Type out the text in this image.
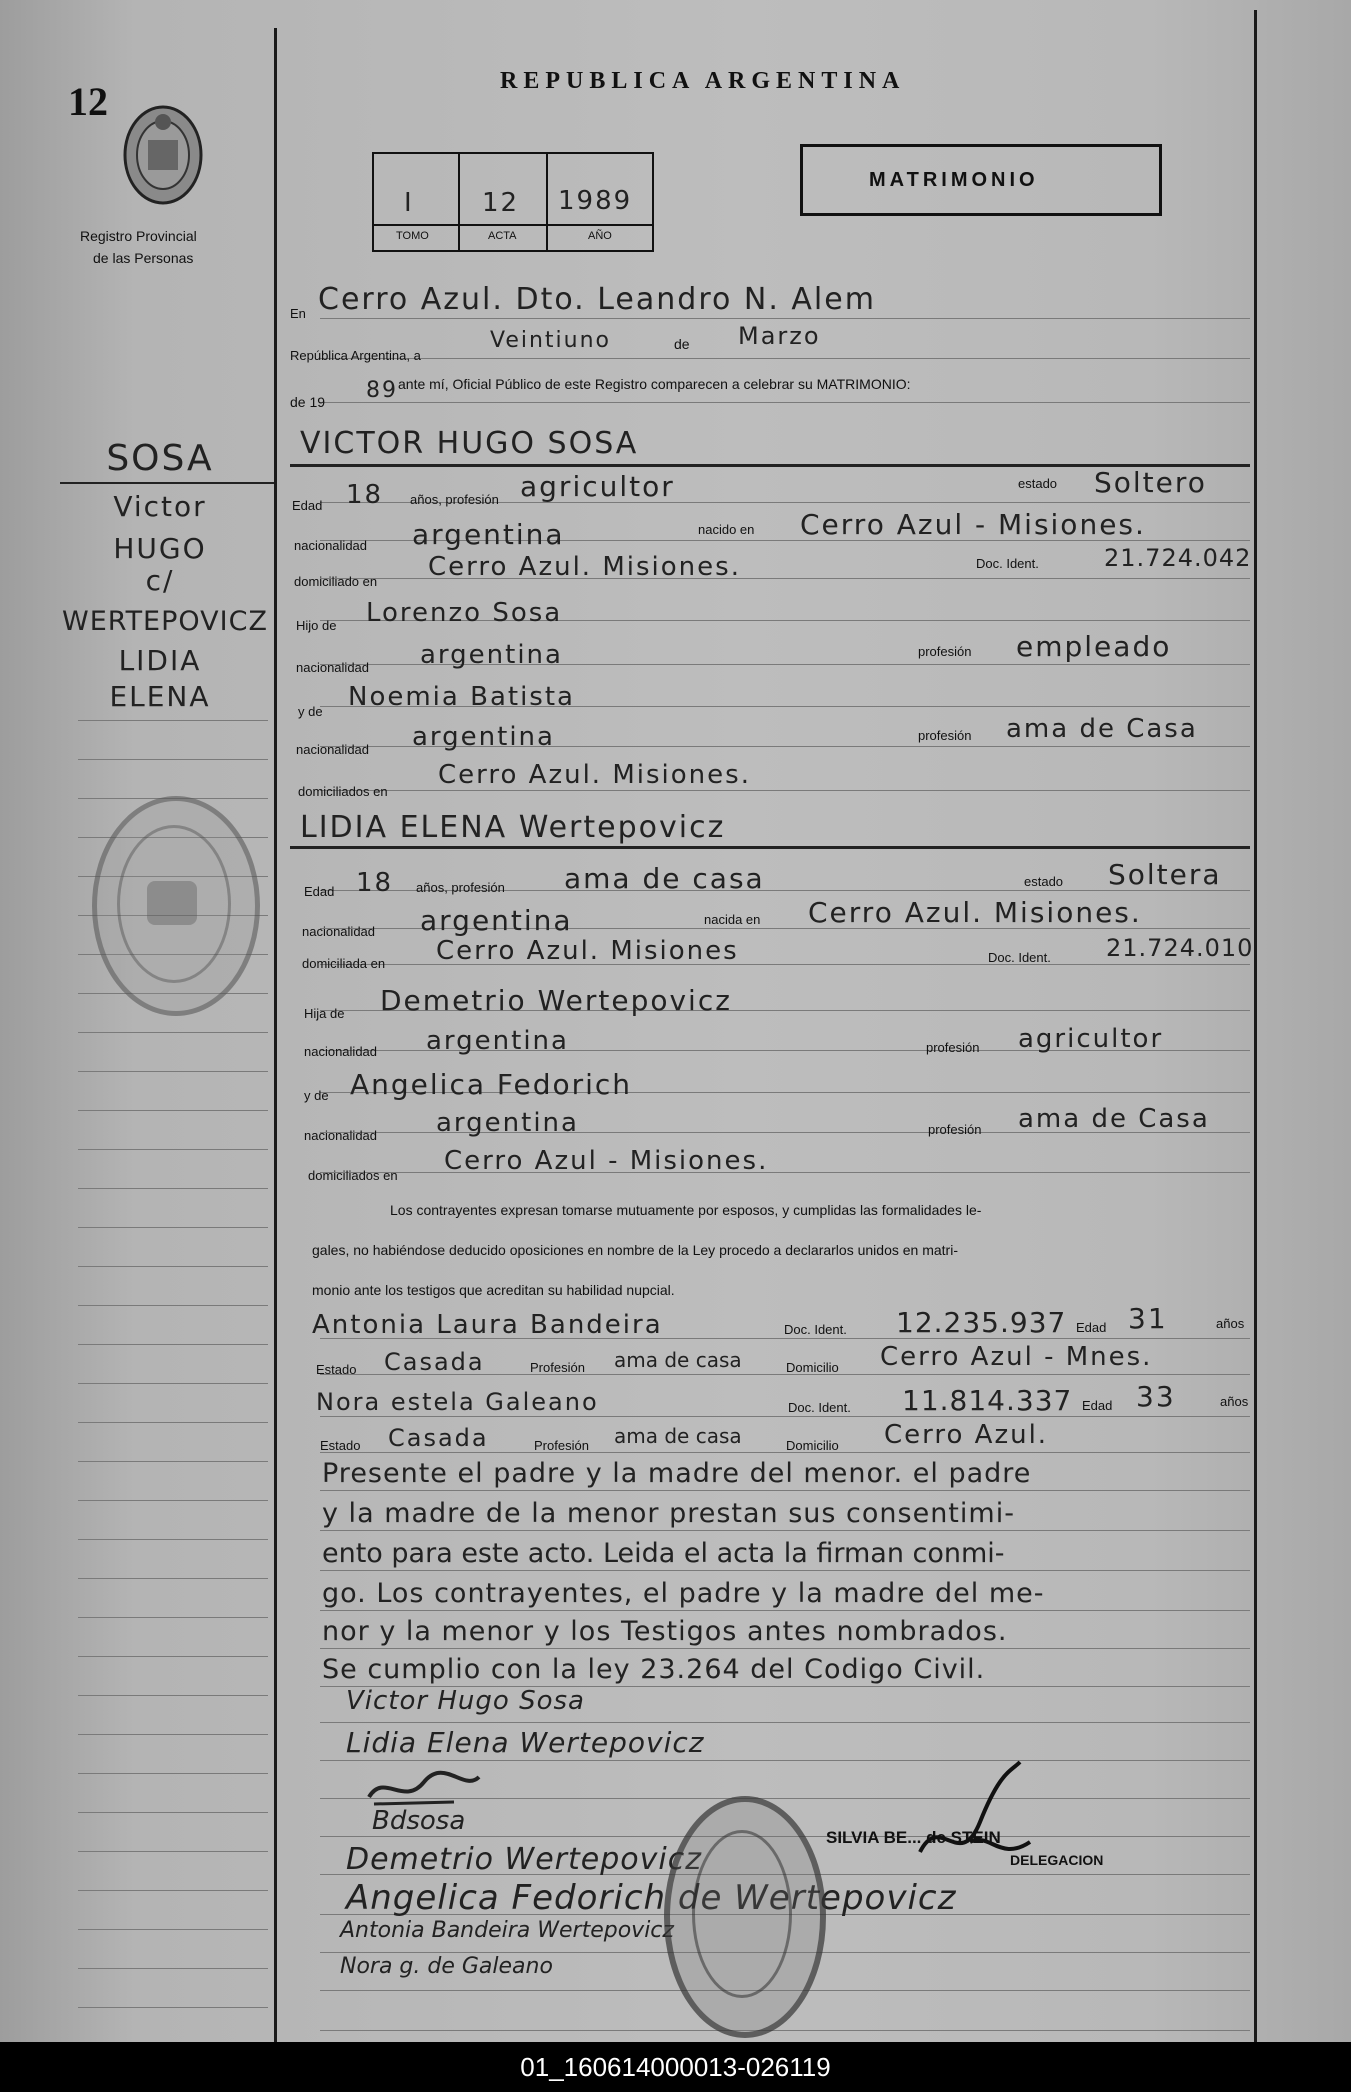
12
Registro Provincial
de las Personas
REPUBLICA ARGENTINA
I	12 1989
TOMO	ACTA	AÑO
MATRIMONIO
SOSA
Victor
HUGO
c/
WERTEPOVICZ
LIDIA
ELENA
En Cerro Azul. Dto. Leandro N. Alem
República Argentina, a
Veintiuno	de Marzo
de 19 89 ante mí, Oficial Público de este Registro comparecen a celebrar su MATRIMONIO:
VICTOR HUGO SOSA
Edad 18 años, profesión agricultor	estado Soltero
nacionalidad argentina	nacido en Cerro Azul - Misiones.
domiciliado en Cerro Azul. Misiones.	Doc. Ident.	21.724.042
Hijo de Lorenzo Sosa
nacionalidad argentina	profesión empleado
y de Noemia Batista
nacionalidad argentina	profesión ama de Casa
domiciliados en
Cerro Azul. Misiones.
LIDIA ELENA Wertepovicz
Edad 18 años, profesión ama de casa	estado Soltera
nacionalidad argentina	nacida en Cerro Azul. Misiones.
domiciliada en Cerro Azul. Misiones	Doc. Ident. 21.724.010
Hija de Demetrio Wertepovicz
nacionalidad argentina	profesión agricultor
y de Angelica Fedorich
nacionalidad argentina	profesión ama de Casa
domiciliados en Cerro Azul - Misiones.
Los contrayentes expresan tomarse mutuamente por esposos, y cumplidas las formalidades le-
gales, no habiéndose deducido oposiciones en nombre de la Ley procedo a declararlos unidos en matri-
monio ante los testigos que acreditan su habilidad nupcial.
Antonia Laura Bandeira	Doc. Ident. 12.235.937 Edad 31	años
Estado Casada	Profesión ama de casa	Domicilio Cerro Azul - Mnes.
Nora estela Galeano	Doc. Ident. 11.814.337 Edad 33	años
Estado Casada	Profesión ama de casa	Domicilio Cerro Azul.
Presente el padre y la madre del menor. el padre
y la madre de la menor prestan sus consentimi-
ento para este acto. Leida el acta la firman conmi-
go. Los contrayentes, el padre y la madre del me-
nor y la menor y los Testigos antes nombrados.
Se cumplio con la ley 23.264 del Codigo Civil.
Victor Hugo Sosa
Lidia Elena Wertepovicz
Bdsosa
Demetrio Wertepovicz
Angelica Fedorich de Wertepovicz
Antonia Bandeira Wertepovicz
Nora g. de Galeano
SILVIA BE... de STEIN
DELEGACION
01_160614000013-026119
